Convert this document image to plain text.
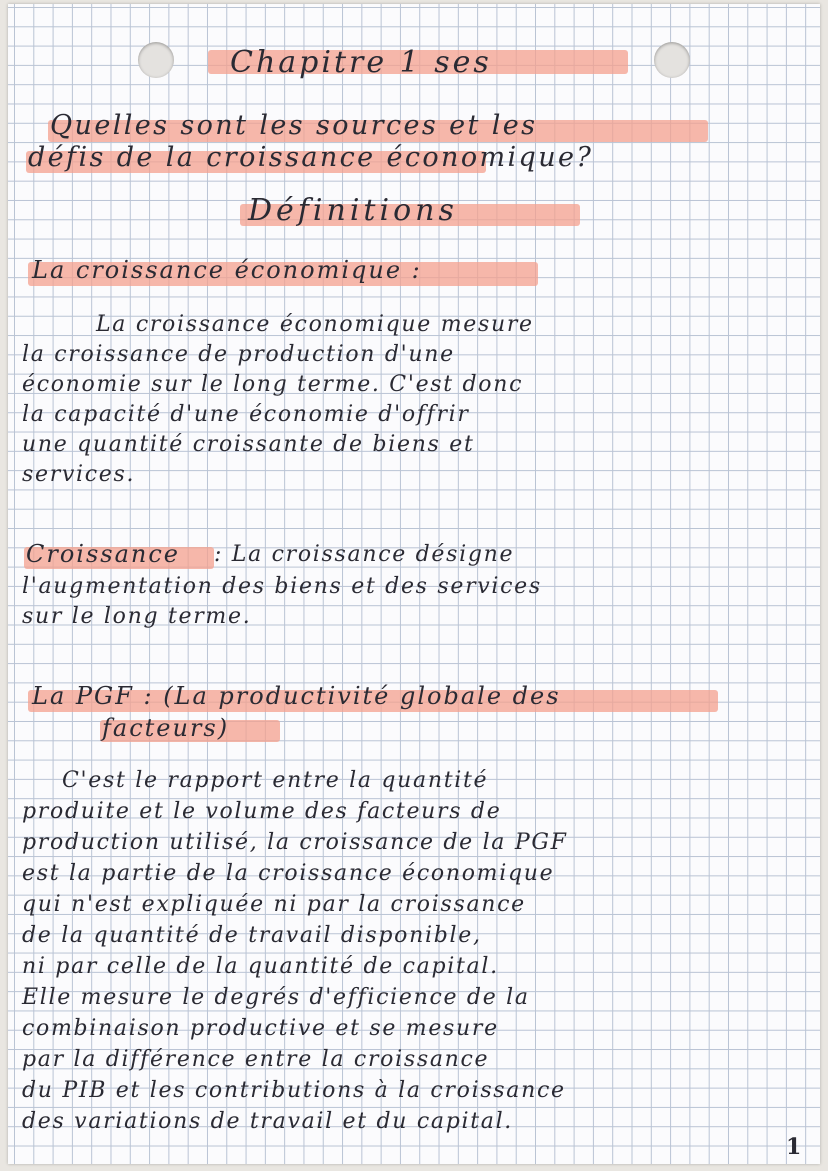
Chapitre 1 ses
Quelles sont les sources et les
défis de la croissance économique?
Définitions
La croissance économique :
La croissance économique mesure
la croissance de production d'une
économie sur le long terme. C'est donc
la capacité d'une économie d'offrir
une quantité croissante de biens et
services.
Croissance : La croissance désigne
l'augmentation des biens et des services
sur le long terme.
La PGF : (La productivité globale des
facteurs)
C'est le rapport entre la quantité
produite et le volume des facteurs de
production utilisé, la croissance de la PGF
est la partie de la croissance économique
qui n'est expliquée ni par la croissance
de la quantité de travail disponible,
ni par celle de la quantité de capital.
Elle mesure le degrés d'efficience de la
combinaison productive et se mesure
par la différence entre la croissance
du PIB et les contributions à la croissance
des variations de travail et du capital.
1
